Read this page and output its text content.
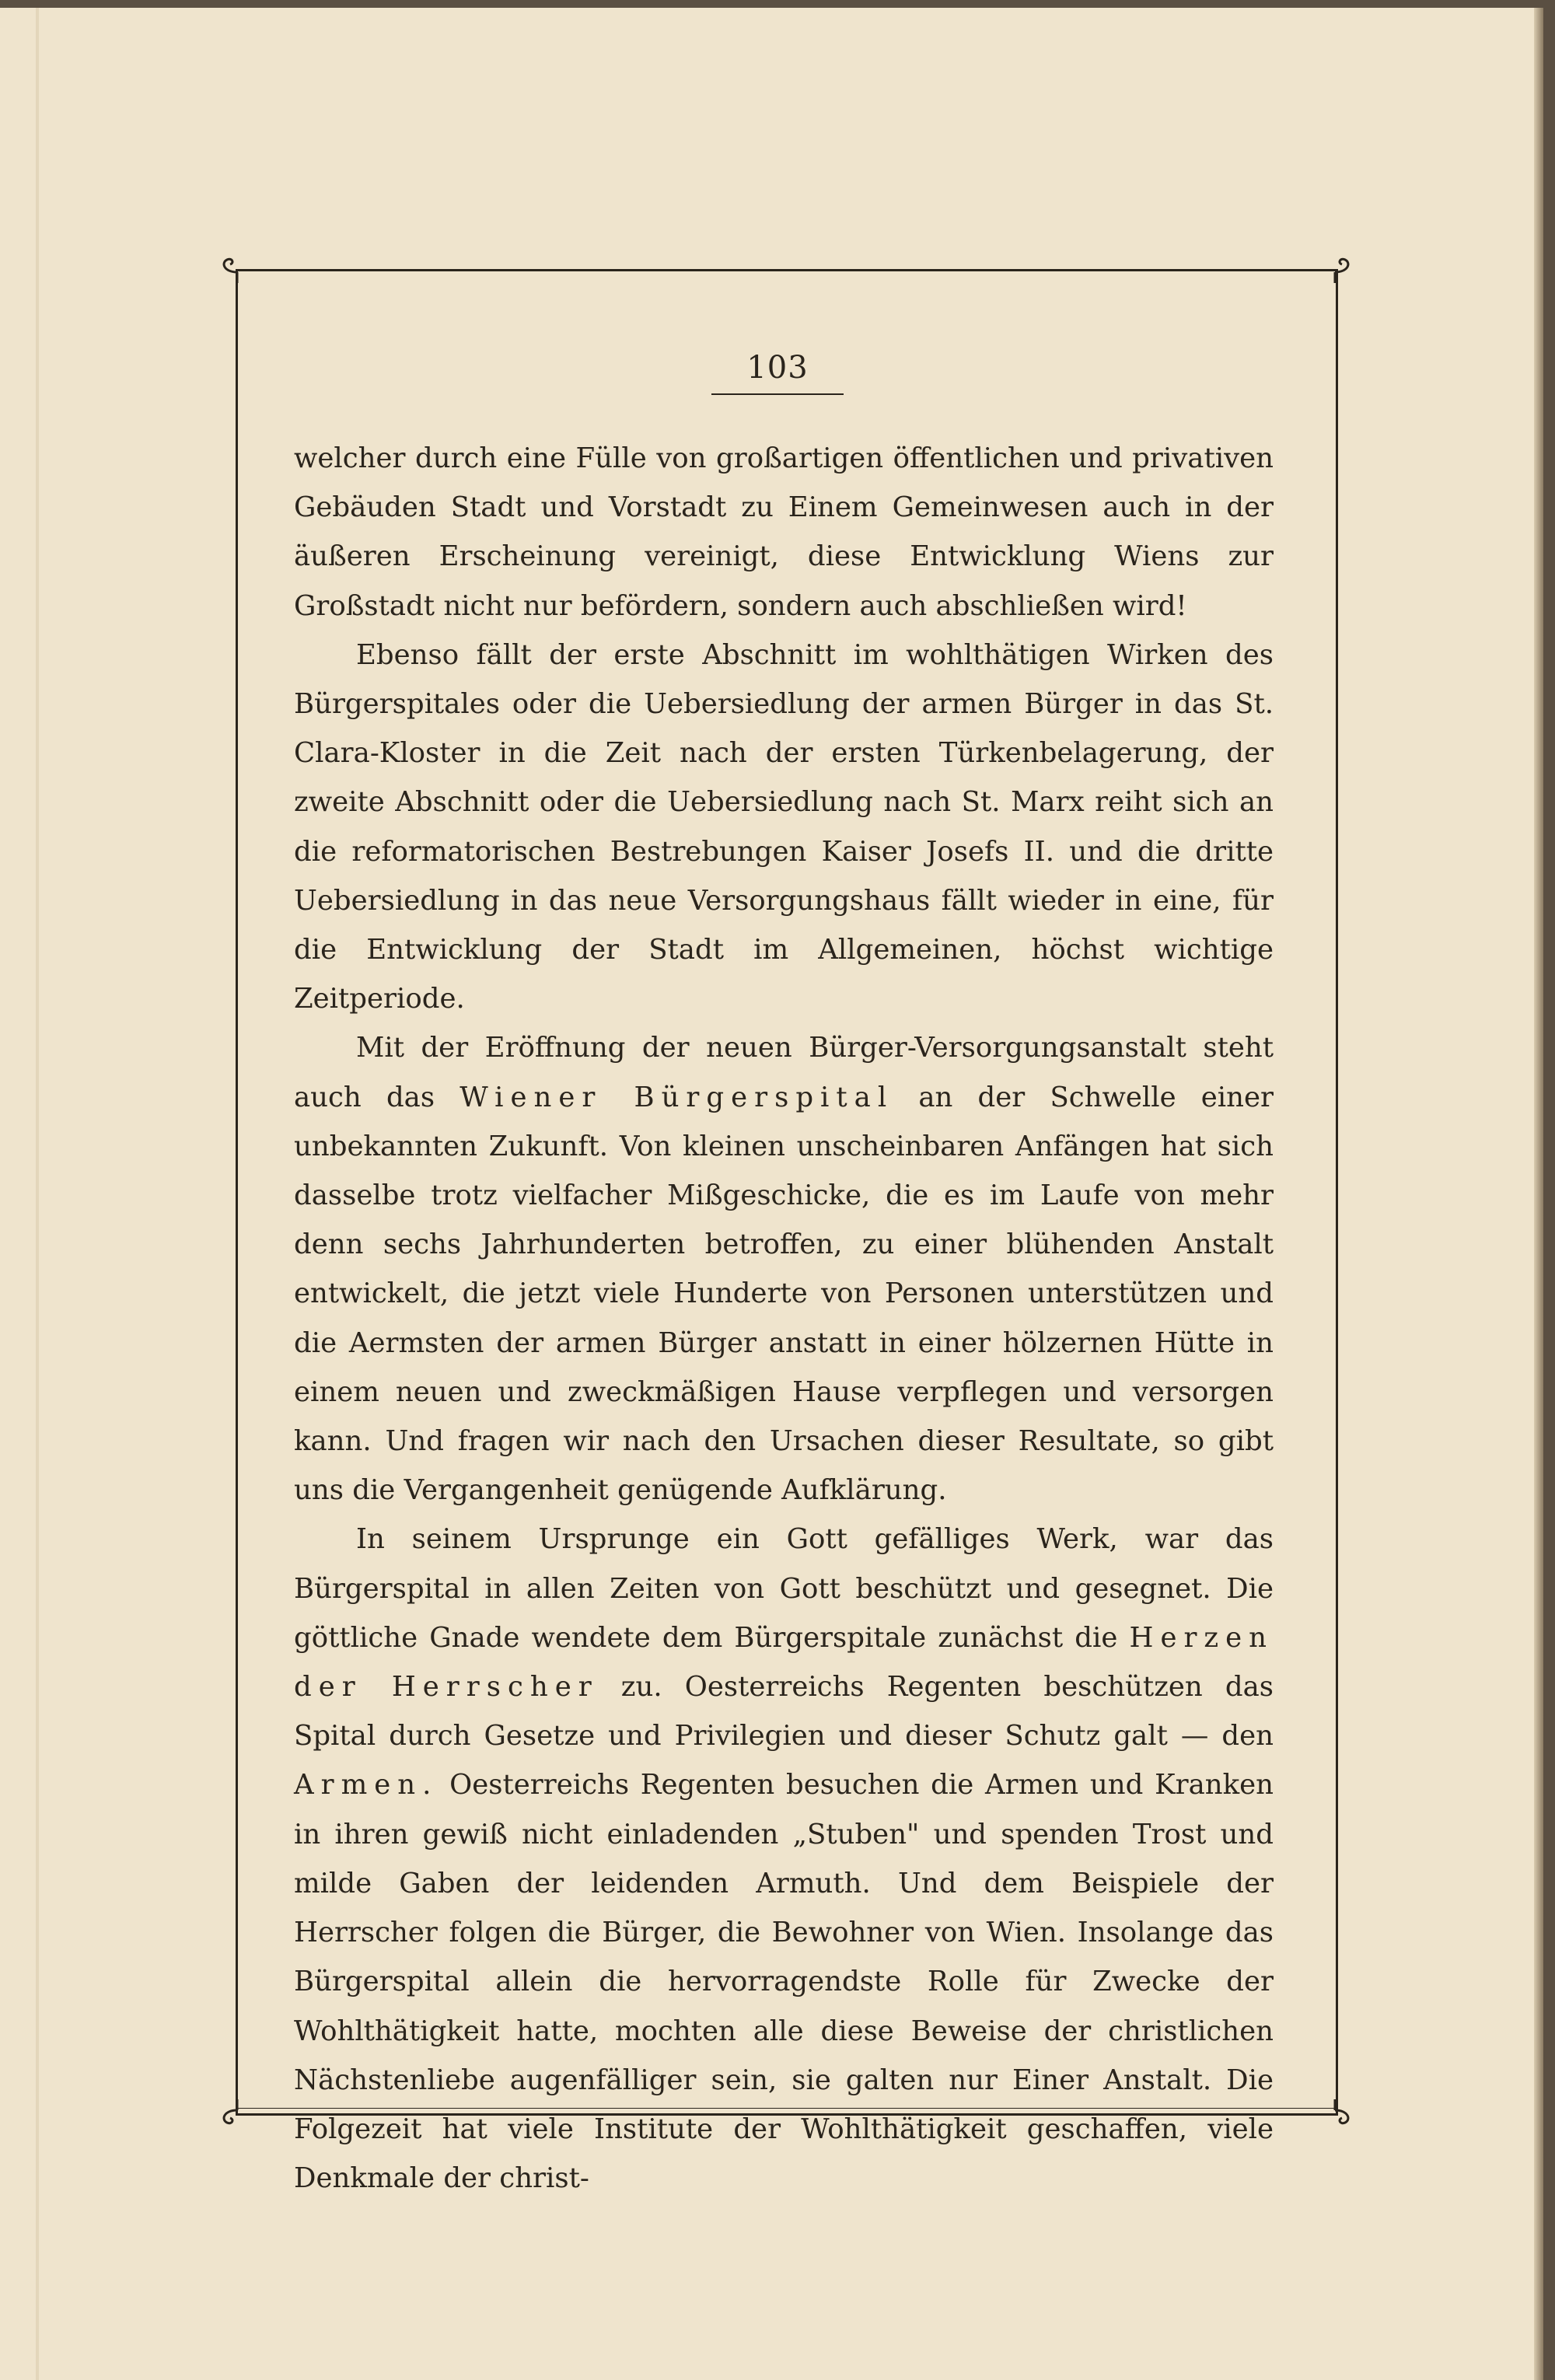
103

welcher durch eine Fülle von großartigen öffentlichen und privativen Gebäuden Stadt und Vorstadt zu Einem Gemeinwesen auch in der äußeren Erscheinung vereinigt, diese Entwicklung Wiens zur Großstadt nicht nur befördern, sondern auch abschließen wird!

Ebenso fällt der erste Abschnitt im wohlthätigen Wirken des Bürgerspitales oder die Uebersiedlung der armen Bürger in das St. Clara-Kloster in die Zeit nach der ersten Türkenbelagerung, der zweite Abschnitt oder die Uebersiedlung nach St. Marx reiht sich an die reformatorischen Bestrebungen Kaiser Josefs II. und die dritte Uebersiedlung in das neue Versorgungshaus fällt wieder in eine, für die Entwicklung der Stadt im Allgemeinen, höchst wichtige Zeitperiode.

Mit der Eröffnung der neuen Bürger-Versorgungsanstalt steht auch das Wiener Bürgerspital an der Schwelle einer unbekannten Zukunft. Von kleinen unscheinbaren Anfängen hat sich dasselbe trotz vielfacher Mißgeschicke, die es im Laufe von mehr denn sechs Jahrhunderten betroffen, zu einer blühenden Anstalt entwickelt, die jetzt viele Hunderte von Personen unterstützen und die Aermsten der armen Bürger anstatt in einer hölzernen Hütte in einem neuen und zweckmäßigen Hause verpflegen und versorgen kann. Und fragen wir nach den Ursachen dieser Resultate, so gibt uns die Vergangenheit genügende Aufklärung.

In seinem Ursprunge ein Gott gefälliges Werk, war das Bürgerspital in allen Zeiten von Gott beschützt und gesegnet. Die göttliche Gnade wendete dem Bürgerspitale zunächst die Herzen der Herrscher zu. Oesterreichs Regenten beschützen das Spital durch Gesetze und Privilegien und dieser Schutz galt — den Armen. Oesterreichs Regenten besuchen die Armen und Kranken in ihren gewiß nicht einladenden „Stuben" und spenden Trost und milde Gaben der leidenden Armuth. Und dem Beispiele der Herrscher folgen die Bürger, die Bewohner von Wien. Insolange das Bürgerspital allein die hervorragendste Rolle für Zwecke der Wohlthätigkeit hatte, mochten alle diese Beweise der christlichen Nächstenliebe augenfälliger sein, sie galten nur Einer Anstalt. Die Folgezeit hat viele Institute der Wohlthätigkeit geschaffen, viele Denkmale der christ-
